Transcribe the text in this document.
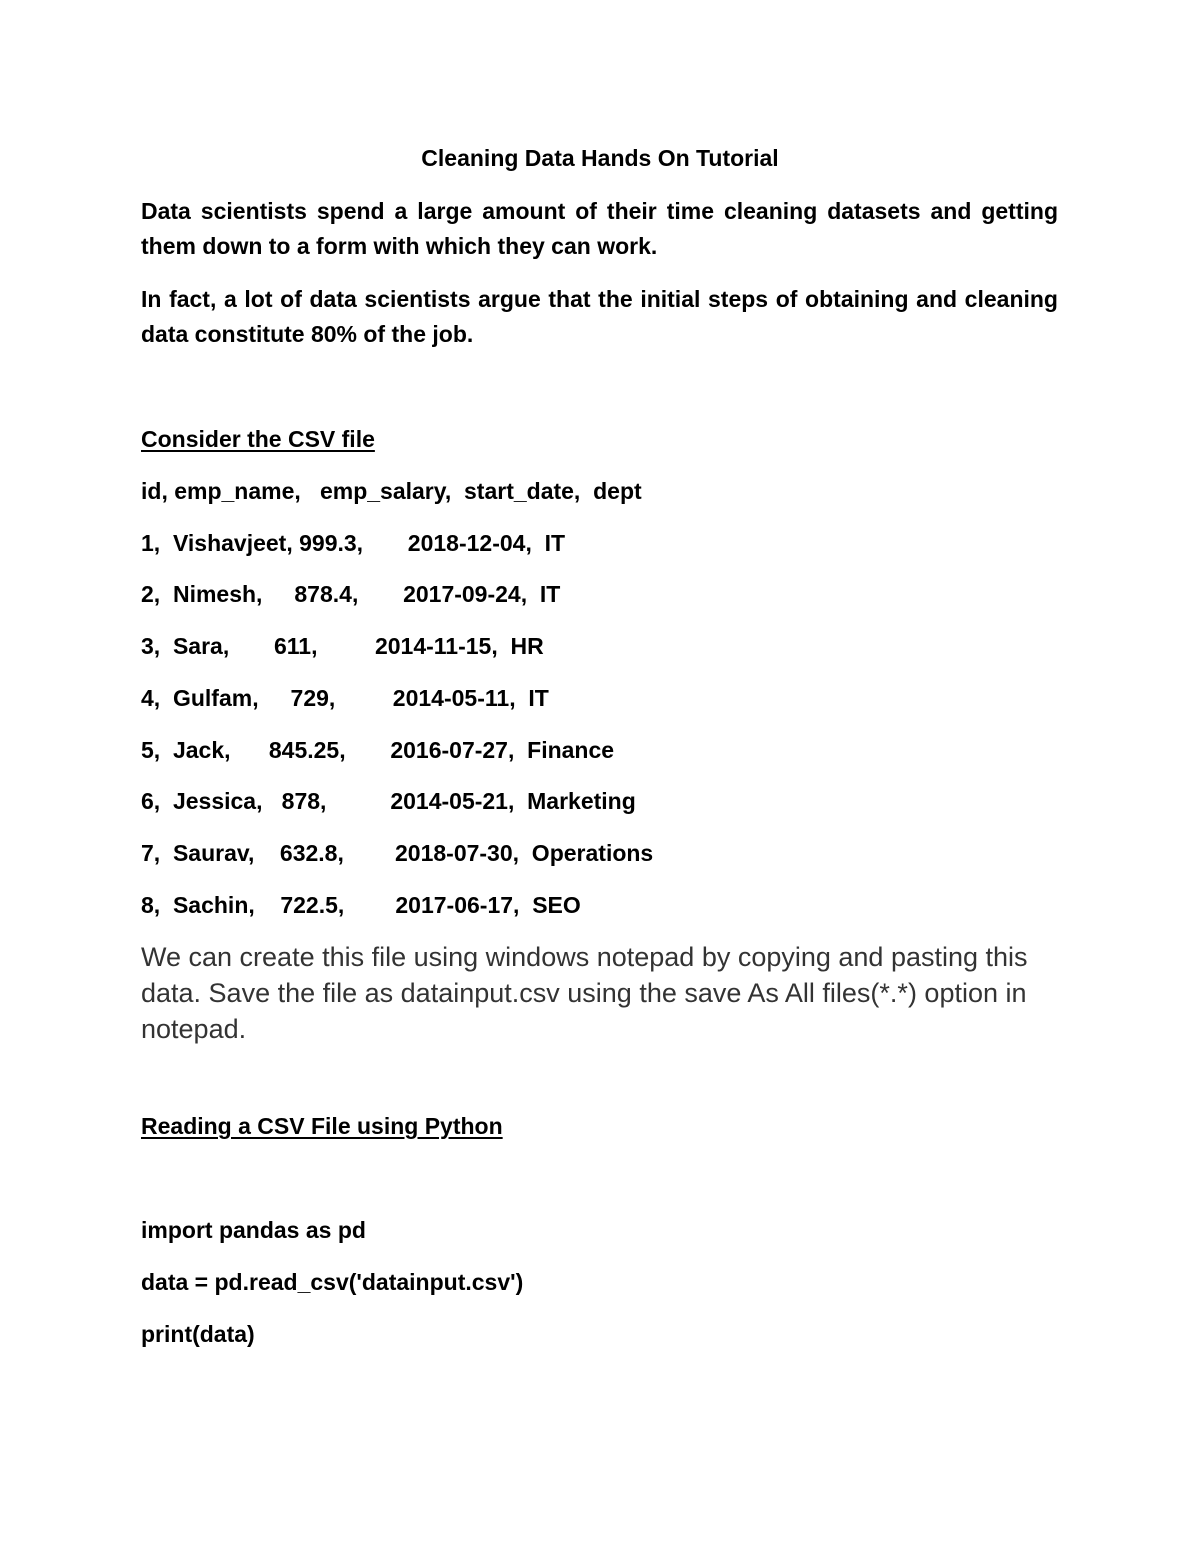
Cleaning Data Hands On Tutorial
Data scientists spend a large amount of their time cleaning datasets and getting them down to a form with which they can work.
In fact, a lot of data scientists argue that the initial steps of obtaining and cleaning data constitute 80% of the job.
Consider the CSV file
id, emp_name,   emp_salary,  start_date,  dept
1,  Vishavjeet, 999.3,       2018-12-04,  IT
2,  Nimesh,     878.4,       2017-09-24,  IT
3,  Sara,       611,         2014-11-15,  HR
4,  Gulfam,     729,         2014-05-11,  IT
5,  Jack,      845.25,       2016-07-27,  Finance
6,  Jessica,   878,          2014-05-21,  Marketing
7,  Saurav,    632.8,        2018-07-30,  Operations
8,  Sachin,    722.5,        2017-06-17,  SEO
We can create this file using windows notepad by copying and pasting this data. Save the file as datainput.csv using the save As All files(*.*) option in notepad.
Reading a CSV File using Python
import pandas as pd
data = pd.read_csv('datainput.csv')
print(data)
